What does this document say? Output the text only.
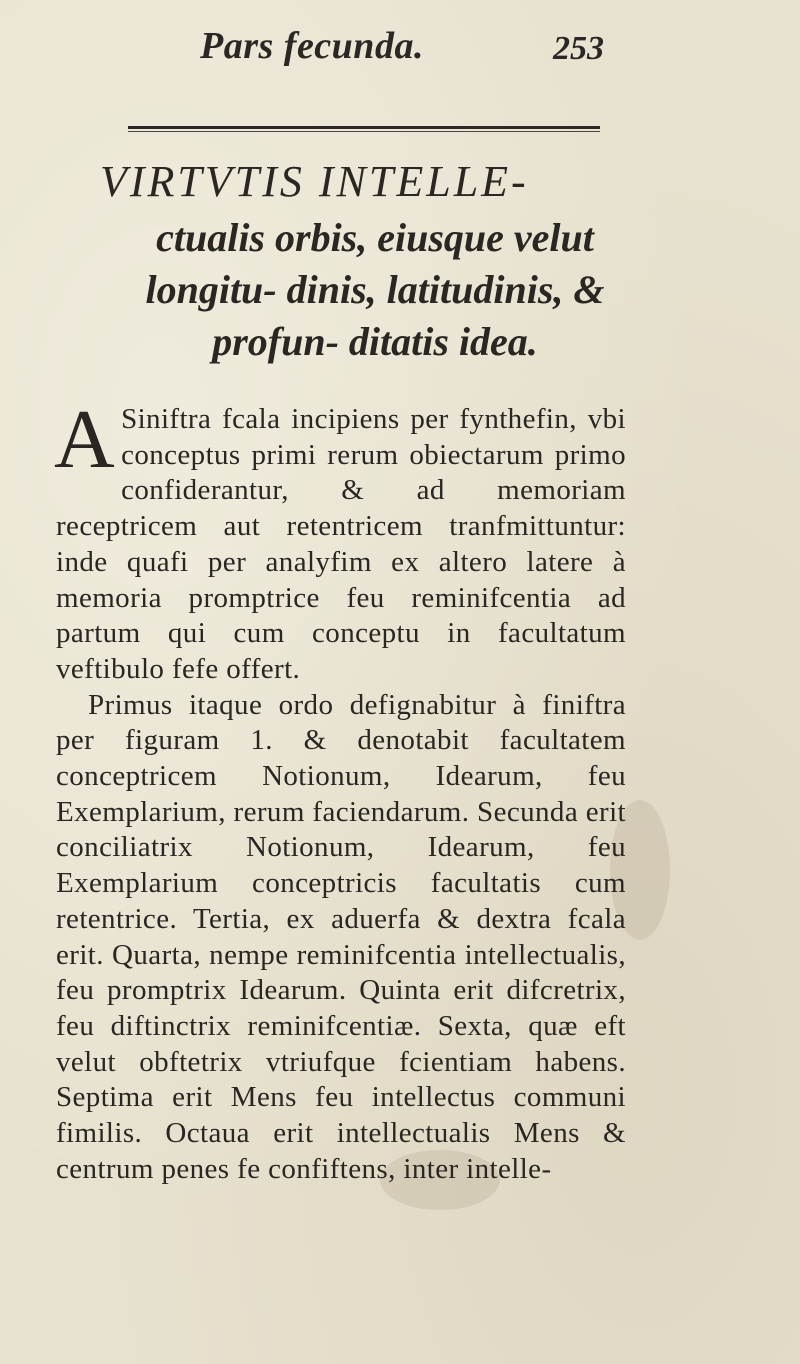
Pars fecunda.	253
VIRTVTIS INTELLE-
ctualis orbis, eiusque velut longitu- dinis, latitudinis, & profun- ditatis idea.

A Siniftra fcala incipiens per fynthefin, vbi conceptus primi rerum obiectarum primo confiderantur, & ad memoriam receptricem aut retentricem tranfmittuntur: inde quafi per analyfim ex altero latere à memoria promptrice feu reminifcentia ad partum qui cum conceptu in facultatum veftibulo fefe offert.

Primus itaque ordo defignabitur à finiftra per figuram 1. & denotabit facultatem conceptricem Notionum, Idearum, feu Exemplarium, rerum faciendarum. Secunda erit conciliatrix Notionum, Idearum, feu Exemplarium conceptricis facultatis cum retentrice. Tertia, ex aduerfa & dextra fcala erit. Quarta, nempe reminifcentia intellectualis, feu promptrix Idearum. Quinta erit difcretrix, feu diftinctrix reminifcentiæ. Sexta, quæ eft velut obftetrix vtriufque fcientiam habens. Septima erit Mens feu intellectus communi fimilis. Octaua erit intellectualis Mens & centrum penes fe confiftens, inter intelle-
